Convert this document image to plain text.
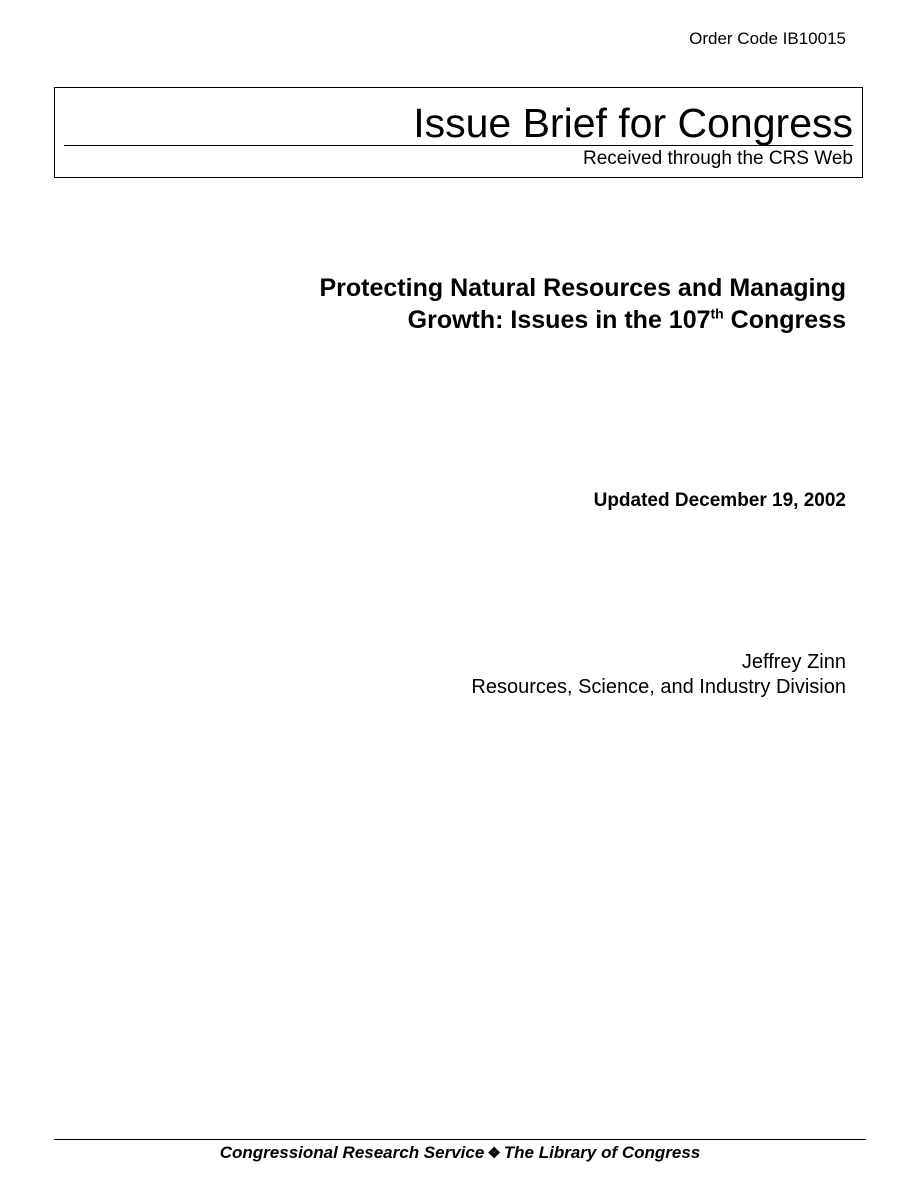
Order Code IB10015
Issue Brief for Congress
Received through the CRS Web
Protecting Natural Resources and Managing
Growth: Issues in the 107th Congress
Updated December 19, 2002
Jeffrey Zinn
Resources, Science, and Industry Division
Congressional Research Service ❖ The Library of Congress
